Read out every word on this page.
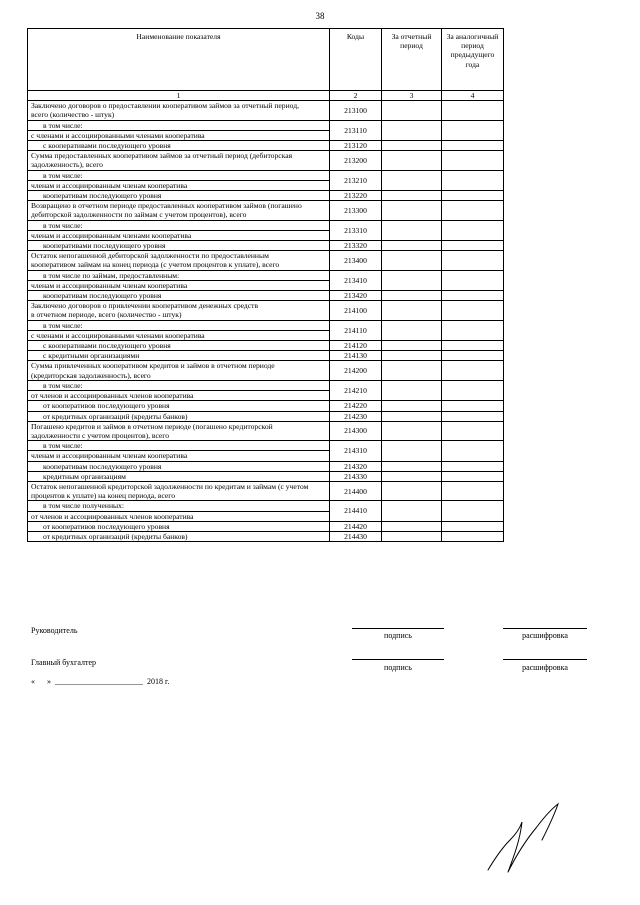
38
Наименование показателя	Коды	За отчетный период	За аналогичный период предыдущего года
1	2	3	4

Заключено договоров о предоставлении кооперативом займов за отчетный период,
всего (количество - штук)	213100		

в том числе:	213110		

с членами и ассоциированными членами кооператива			

с кооперативами последующего уровня	213120		

Сумма предоставленных кооперативом займов за отчетный период (дебиторская
задолженность), всего	213200		

в том числе:	213210		

членам и ассоциированным членам кооператива			

кооперативам последующего уровня	213220		

Возвращено в отчетном периоде предоставленных кооперативом займов (погашено
дебиторской задолженности по займам с учетом процентов), всего	213300		

в том числе:	213310		

членам и ассоциированным членами кооператива			

кооперативами последующего уровня	213320		

Остаток непогашенной дебиторской задолженности по предоставленным
кооперативом займам на конец периода (с учетом процентов к уплате), всего	213400		

в том числе по займам, предоставленным:	213410		

членам и ассоциированным членам кооператива			

кооперативам последующего уровня	213420		

Заключено договоров о привлечении кооперативом денежных средств
в отчетном периоде, всего (количество - штук)	214100		

в том числе:	214110		

с членами и ассоциированными членами кооператива			

с кооперативами последующего уровня	214120		

с кредитными организациями	214130		

Сумма привлеченных кооперативом кредитов и займов в отчетном периоде
(кредиторская задолженность), всего	214200		

в том числе:	214210		

от членов и ассоциированных членов кооператива			

от кооперативов последующего уровня	214220		

от кредитных организаций (кредиты банков)	214230		

Погашено кредитов и займов в отчетном периоде (погашено кредиторской
задолженности с учетом процентов), всего	214300		

в том числе:	214310		

членам и ассоциированным членам кооператива			

кооперативам последующего уровня	214320		

кредитным организациям	214330		

Остаток непогашенной кредиторской задолженности по кредитам и займам (с учетом
процентов к уплате) на конец периода, всего	214400		

в том числе полученных:	214410		

от членов и ассоциированных членов кооператива			

от кооперативов последующего уровня	214420		

от кредитных организаций (кредиты банков)	214430		
Руководитель
подпись	расшифровка
Главный бухгалтер
подпись	расшифровка
«      »  ______________________  2018 г.
